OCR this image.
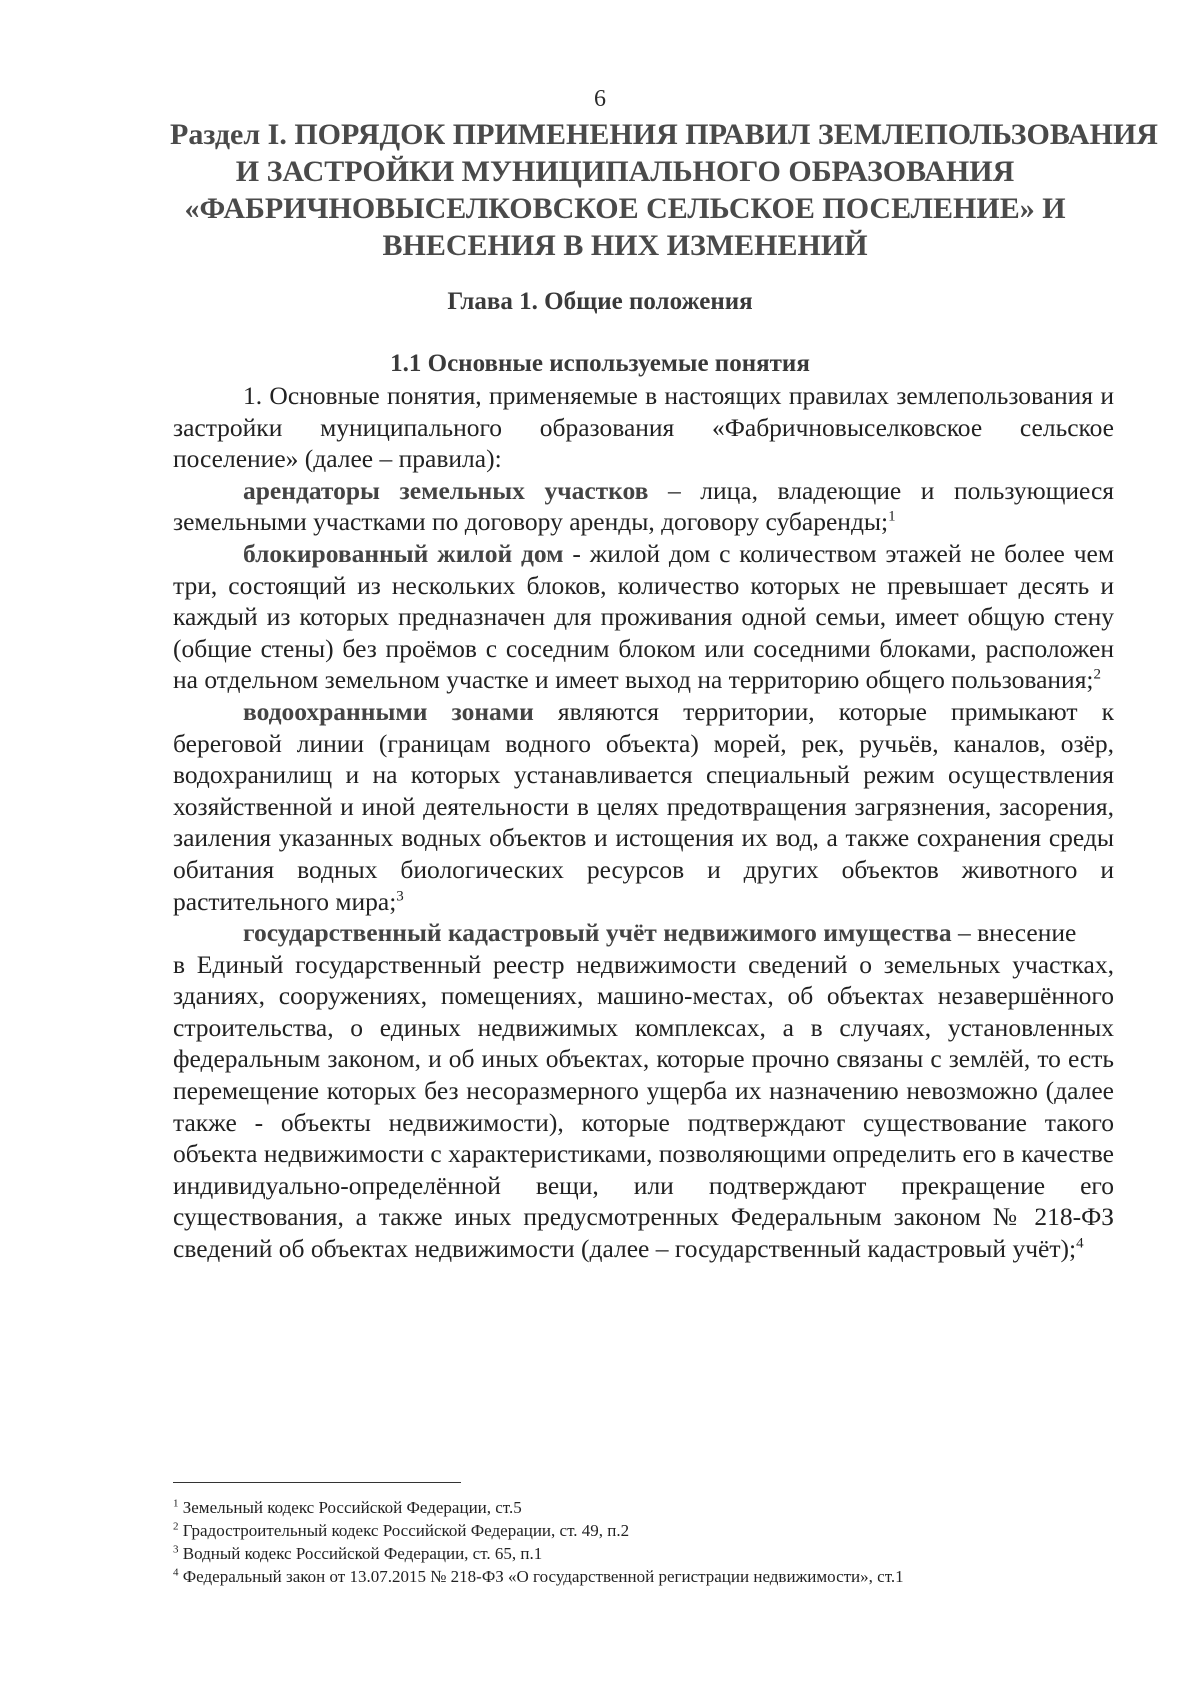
6
Раздел I. ПОРЯДОК ПРИМЕНЕНИЯ ПРАВИЛ ЗЕМЛЕПОЛЬЗОВАНИЯ
И ЗАСТРОЙКИ МУНИЦИПАЛЬНОГО ОБРАЗОВАНИЯ
«ФАБРИЧНОВЫСЕЛКОВСКОЕ СЕЛЬСКОЕ ПОСЕЛЕНИЕ» И
ВНЕСЕНИЯ В НИХ ИЗМЕНЕНИЙ
Глава 1. Общие положения
1.1 Основные используемые понятия

1. Основные понятия, применяемые в настоящих правилах землепользования и застройки муниципального образования «Фабричновыселковское сельское поселение» (далее – правила):

арендаторы земельных участков – лица, владеющие и пользующиеся земельными участками по договору аренды, договору субаренды;$^1$

блокированный жилой дом - жилой дом с количеством этажей не более чем три, состоящий из нескольких блоков, количество которых не превышает десять и каждый из которых предназначен для проживания одной семьи, имеет общую стену (общие стены) без проёмов с соседним блоком или соседними блоками, расположен на отдельном земельном участке и имеет выход на территорию общего пользования;$^2$

водоохранными зонами являются территории, которые примыкают к береговой линии (границам водного объекта) морей, рек, ручьёв, каналов, озёр, водохранилищ и на которых устанавливается специальный режим осуществления хозяйственной и иной деятельности в целях предотвращения загрязнения, засорения, заиления указанных водных объектов и истощения их вод, а также сохранения среды обитания водных биологических ресурсов и других объектов животного и растительного мира;$^3$

государственный кадастровый учёт недвижимого имущества – внесение

в Единый государственный реестр недвижимости сведений о земельных участках, зданиях, сооружениях, помещениях, машино-местах, об объектах незавершённого строительства, о единых недвижимых комплексах, а в случаях, установленных федеральным законом, и об иных объектах, которые прочно связаны с землёй, то есть перемещение которых без несоразмерного ущерба их назначению невозможно (далее также - объекты недвижимости), которые подтверждают существование такого объекта недвижимости с характеристиками, позволяющими определить его в качестве индивидуально-определённой вещи, или подтверждают прекращение его существования, а также иных предусмотренных Федеральным законом № 218-ФЗ сведений об объектах недвижимости (далее – государственный кадастровый учёт);$^4$

$^1$ Земельный кодекс Российской Федерации, ст.5

$^2$ Градостроительный кодекс Российской Федерации, ст. 49, п.2

$^3$ Водный кодекс Российской Федерации, ст. 65, п.1

$^4$ Федеральный закон от 13.07.2015 № 218-ФЗ «О государственной регистрации недвижимости», ст.1
